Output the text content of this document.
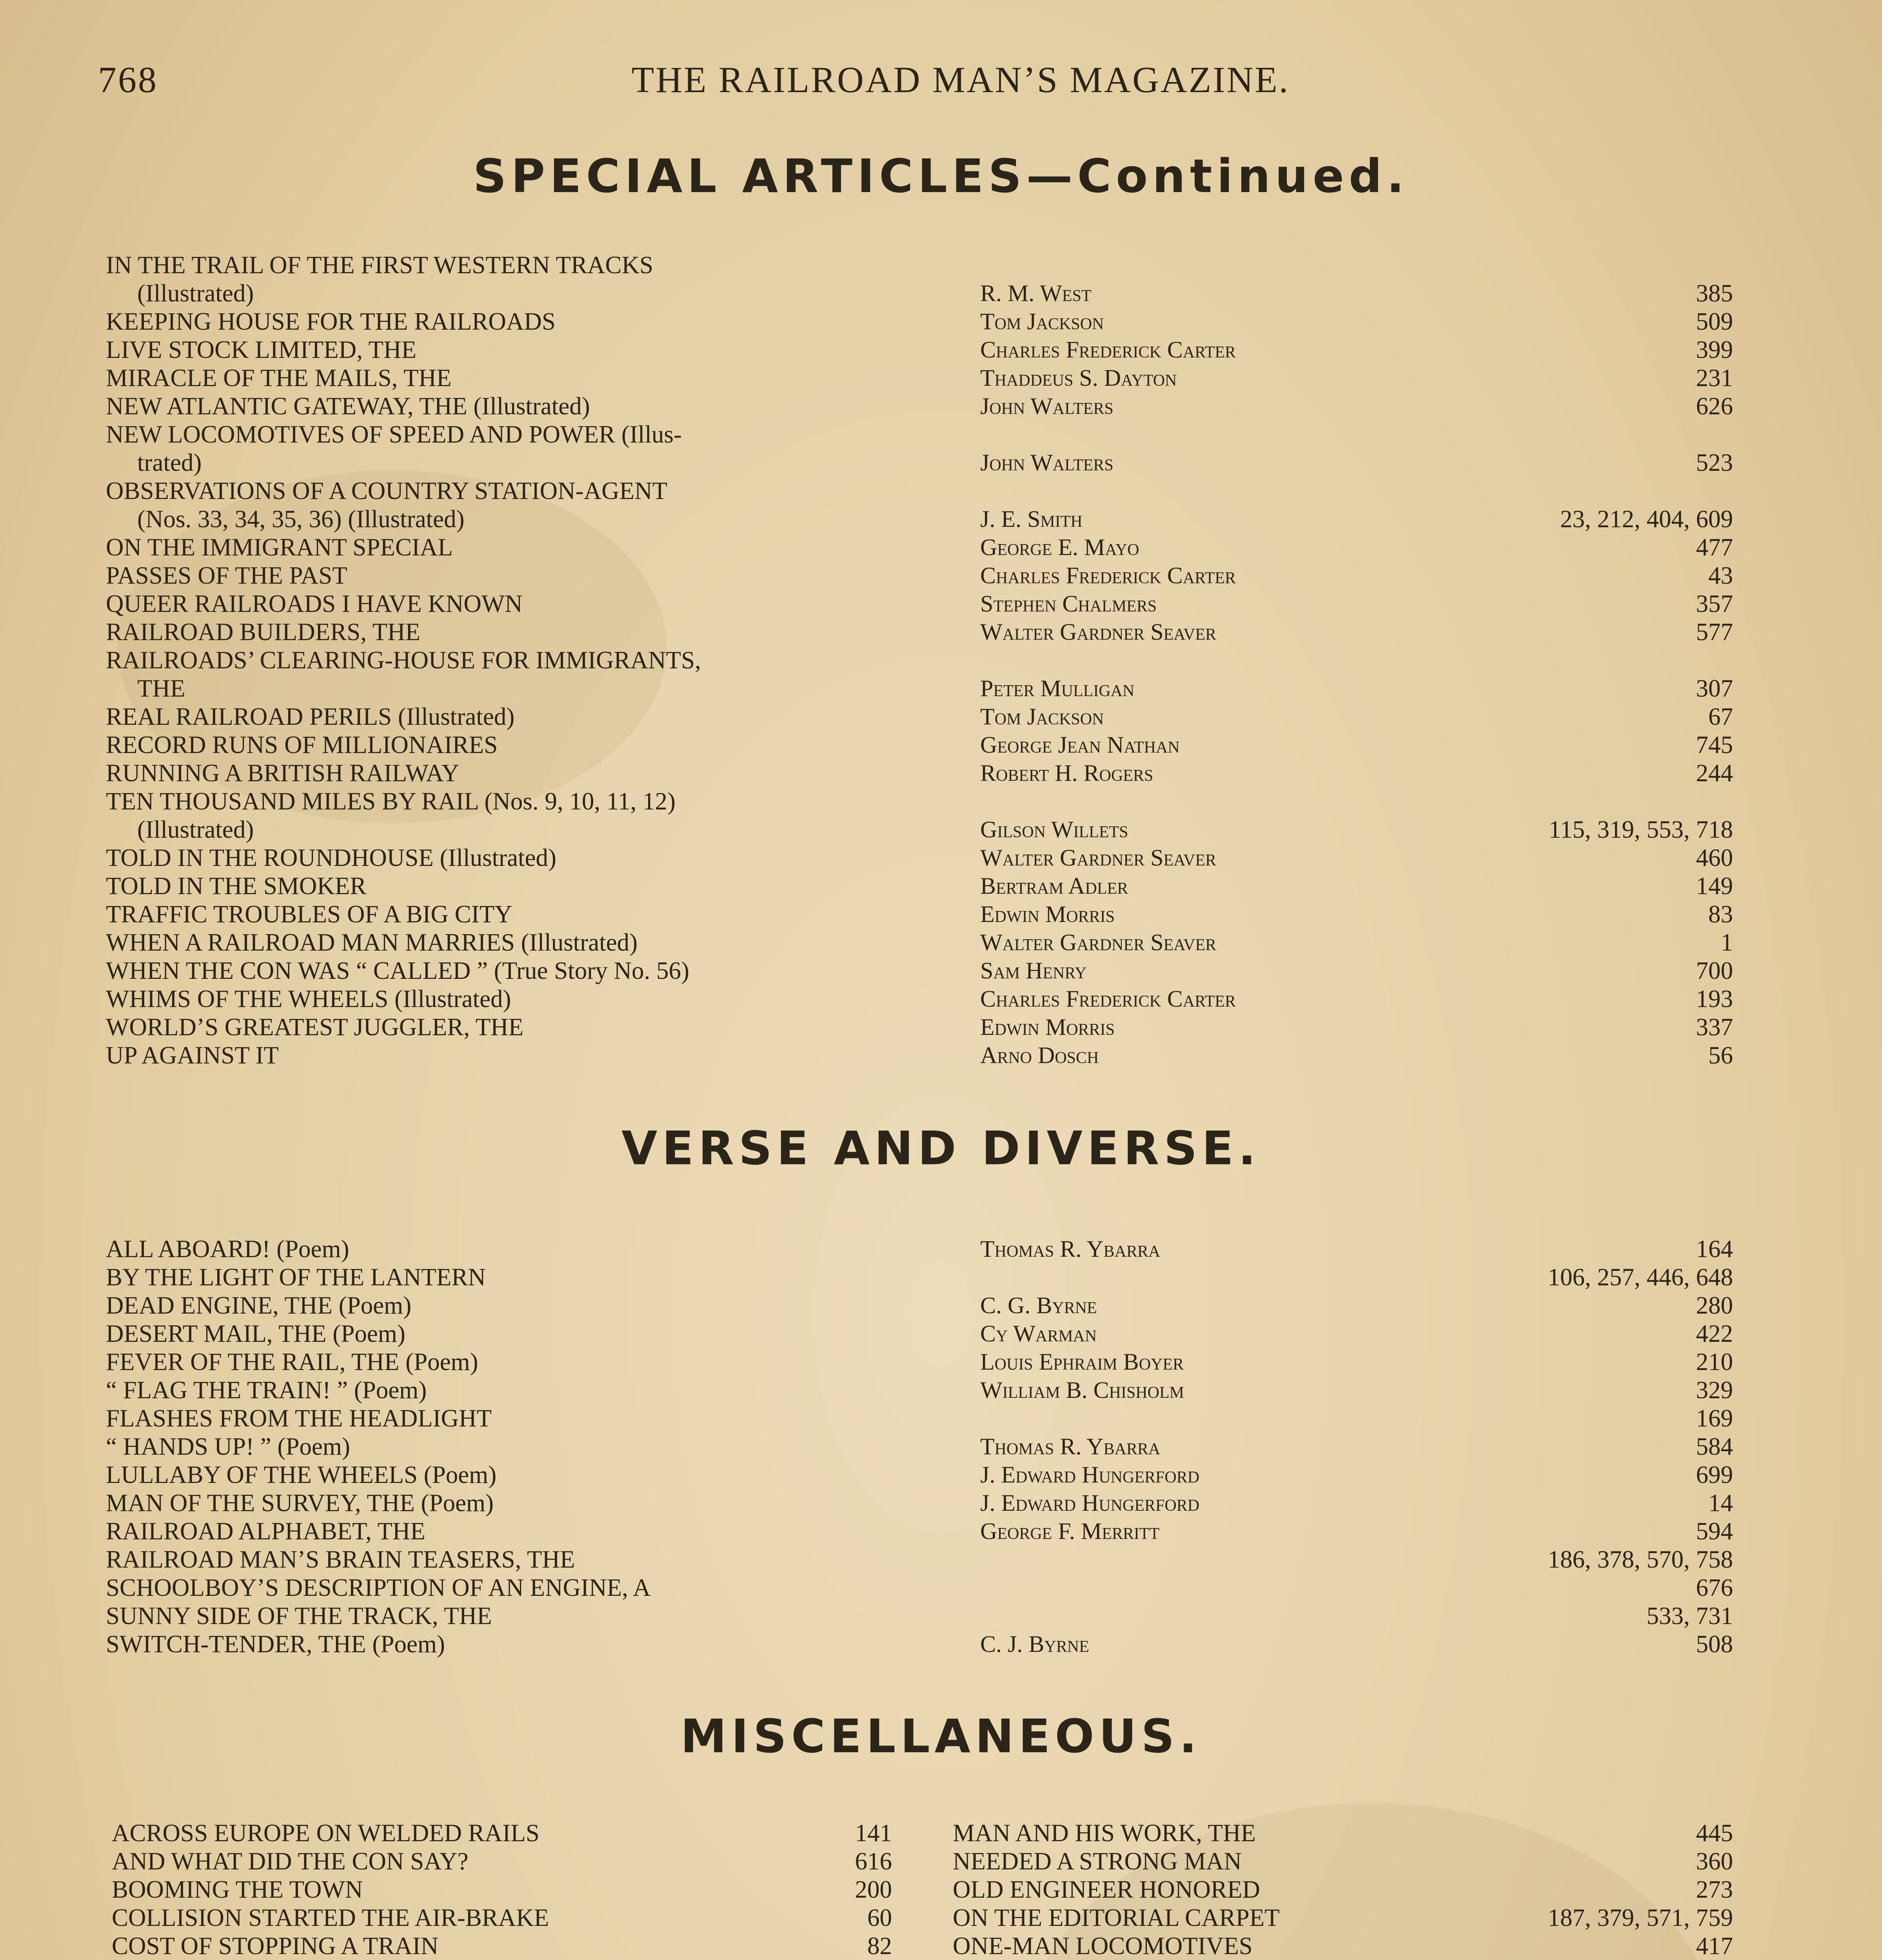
768	THE RAILROAD MAN’S MAGAZINE.
SPECIAL ARTICLES—Continued.
IN THE TRAIL OF THE FIRST WESTERN TRACKS
(Illustrated)	R. M. West	385
KEEPING HOUSE FOR THE RAILROADS	Tom Jackson	509
LIVE STOCK LIMITED, THE	Charles Frederick Carter	399
MIRACLE OF THE MAILS, THE	Thaddeus S. Dayton	231
NEW ATLANTIC GATEWAY, THE (Illustrated)	John Walters	626
NEW LOCOMOTIVES OF SPEED AND POWER (Illus-
trated)	John Walters	523
OBSERVATIONS OF A COUNTRY STATION-AGENT
(Nos. 33, 34, 35, 36) (Illustrated)	J. E. Smith	23, 212, 404, 609
ON THE IMMIGRANT SPECIAL	George E. Mayo	477
PASSES OF THE PAST	Charles Frederick Carter	43
QUEER RAILROADS I HAVE KNOWN	Stephen Chalmers	357
RAILROAD BUILDERS, THE	Walter Gardner Seaver	577
RAILROADS’ CLEARING-HOUSE FOR IMMIGRANTS,
THE	Peter Mulligan	307
REAL RAILROAD PERILS (Illustrated)	Tom Jackson	67
RECORD RUNS OF MILLIONAIRES	George Jean Nathan	745
RUNNING A BRITISH RAILWAY	Robert H. Rogers	244
TEN THOUSAND MILES BY RAIL (Nos. 9, 10, 11, 12)
(Illustrated)	Gilson Willets	115, 319, 553, 718
TOLD IN THE ROUNDHOUSE (Illustrated)	Walter Gardner Seaver	460
TOLD IN THE SMOKER	Bertram Adler	149
TRAFFIC TROUBLES OF A BIG CITY	Edwin Morris	83
WHEN A RAILROAD MAN MARRIES (Illustrated)	Walter Gardner Seaver	1
WHEN THE CON WAS “ CALLED ” (True Story No. 56)	Sam Henry	700
WHIMS OF THE WHEELS (Illustrated)	Charles Frederick Carter	193
WORLD’S GREATEST JUGGLER, THE	Edwin Morris	337
UP AGAINST IT	Arno Dosch	56
VERSE AND DIVERSE.
ALL ABOARD! (Poem)	Thomas R. Ybarra	164
BY THE LIGHT OF THE LANTERN	106, 257, 446, 648
DEAD ENGINE, THE (Poem)	C. G. Byrne	280
DESERT MAIL, THE (Poem)	Cy Warman	422
FEVER OF THE RAIL, THE (Poem)	Louis Ephraim Boyer	210
“ FLAG THE TRAIN! ” (Poem)	William B. Chisholm	329
FLASHES FROM THE HEADLIGHT	169
“ HANDS UP! ” (Poem)	Thomas R. Ybarra	584
LULLABY OF THE WHEELS (Poem)	J. Edward Hungerford	699
MAN OF THE SURVEY, THE (Poem)	J. Edward Hungerford	14
RAILROAD ALPHABET, THE	George F. Merritt	594
RAILROAD MAN’S BRAIN TEASERS, THE	186, 378, 570, 758
SCHOOLBOY’S DESCRIPTION OF AN ENGINE, A	676
SUNNY SIDE OF THE TRACK, THE	533, 731
SWITCH-TENDER, THE (Poem)	C. J. Byrne	508
MISCELLANEOUS.
ACROSS EUROPE ON WELDED RAILS	141
AND WHAT DID THE CON SAY?	616
BOOMING THE TOWN	200
COLLISION STARTED THE AIR-BRAKE	60
COST OF STOPPING A TRAIN	82
MAN AND HIS WORK, THE	445
NEEDED A STRONG MAN	360
OLD ENGINEER HONORED	273
ON THE EDITORIAL CARPET	187, 379, 571, 759
ONE-MAN LOCOMOTIVES	417
